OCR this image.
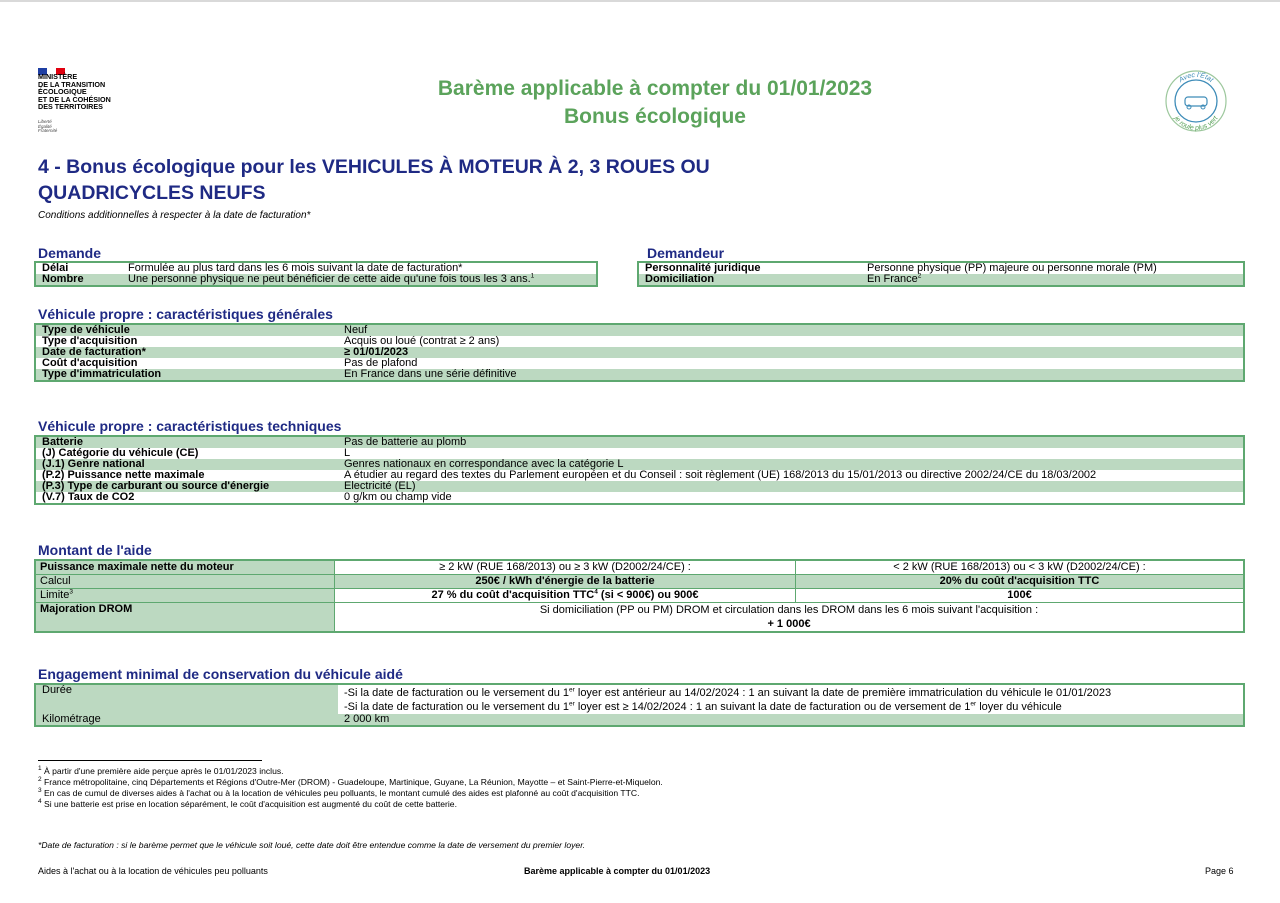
MINISTÈRE
DE LA TRANSITION
ÉCOLOGIQUE
ET DE LA COHÉSION
DES TERRITOIRES
Liberté
Égalité
Fraternité
Barème applicable à compter du 01/01/2023
Bonus écologique
Avec l'État
je roule plus vert
4 - Bonus écologique pour les VEHICULES À MOTEUR À 2, 3 ROUES OU
QUADRICYCLES NEUFS
Conditions additionnelles à respecter à la date de facturation*
Demande
Délai	Formulée au plus tard dans les 6 mois suivant la date de facturation*
Nombre	Une personne physique ne peut bénéficier de cette aide qu'une fois tous les 3 ans.$^1$
Demandeur
Personnalité juridique	Personne physique (PP) majeure ou personne morale (PM)
Domiciliation	En France$^2$
Véhicule propre : caractéristiques générales
Type de véhicule	Neuf
Type d'acquisition	Acquis ou loué (contrat ≥ 2 ans)
Date de facturation*	≥ 01/01/2023
Coût d'acquisition	Pas de plafond
Type d'immatriculation	En France dans une série définitive
Véhicule propre : caractéristiques techniques
Batterie	Pas de batterie au plomb
(J) Catégorie du véhicule (CE)	L
(J.1) Genre national	Genres nationaux en correspondance avec la catégorie L
(P.2) Puissance nette maximale	A étudier au regard des textes du Parlement européen et du Conseil : soit règlement (UE) 168/2013 du 15/01/2013 ou directive 2002/24/CE du 18/03/2002
(P.3) Type de carburant ou source d'énergie	Electricité (EL)
(V.7) Taux de CO2	0 g/km ou champ vide
Montant de l'aide
Puissance maximale nette du moteur	≥ 2 kW (RUE 168/2013) ou ≥ 3 kW (D2002/24/CE) :	< 2 kW (RUE 168/2013) ou < 3 kW (D2002/24/CE) :
Calcul	250€ / kWh d'énergie de la batterie	20% du coût d'acquisition TTC
Limite$^3$	27 % du coût d'acquisition TTC$^4$ (si < 900€) ou 900€	100€
Majoration DROM	Si domiciliation (PP ou PM) DROM et circulation dans les DROM dans les 6 mois suivant l'acquisition :
+ 1 000€	
Engagement minimal de conservation du véhicule aidé
Durée	-Si la date de facturation ou le versement du 1er loyer est antérieur au 14/02/2024 : 1 an suivant la date de première immatriculation du véhicule le 01/01/2023
-Si la date de facturation ou le versement du 1er loyer est ≥ 14/02/2024 : 1 an suivant la date de facturation ou de versement de 1er loyer du véhicule

Kilométrage	2 000 km
$^1$ À partir d'une première aide perçue après le 01/01/2023 inclus.
$^2$ France métropolitaine, cinq Départements et Régions d'Outre-Mer (DROM) - Guadeloupe, Martinique, Guyane, La Réunion, Mayotte – et Saint-Pierre-et-Miquelon.
$^3$ En cas de cumul de diverses aides à l'achat ou à la location de véhicules peu polluants, le montant cumulé des aides est plafonné au coût d'acquisition TTC.
$^4$ Si une batterie est prise en location séparément, le coût d'acquisition est augmenté du coût de cette batterie.
*Date de facturation : si le barème permet que le véhicule soit loué, cette date doit être entendue comme la date de versement du premier loyer.
Aides à l'achat ou à la location de véhicules peu polluants	Barème applicable à compter du 01/01/2023	Page 6
